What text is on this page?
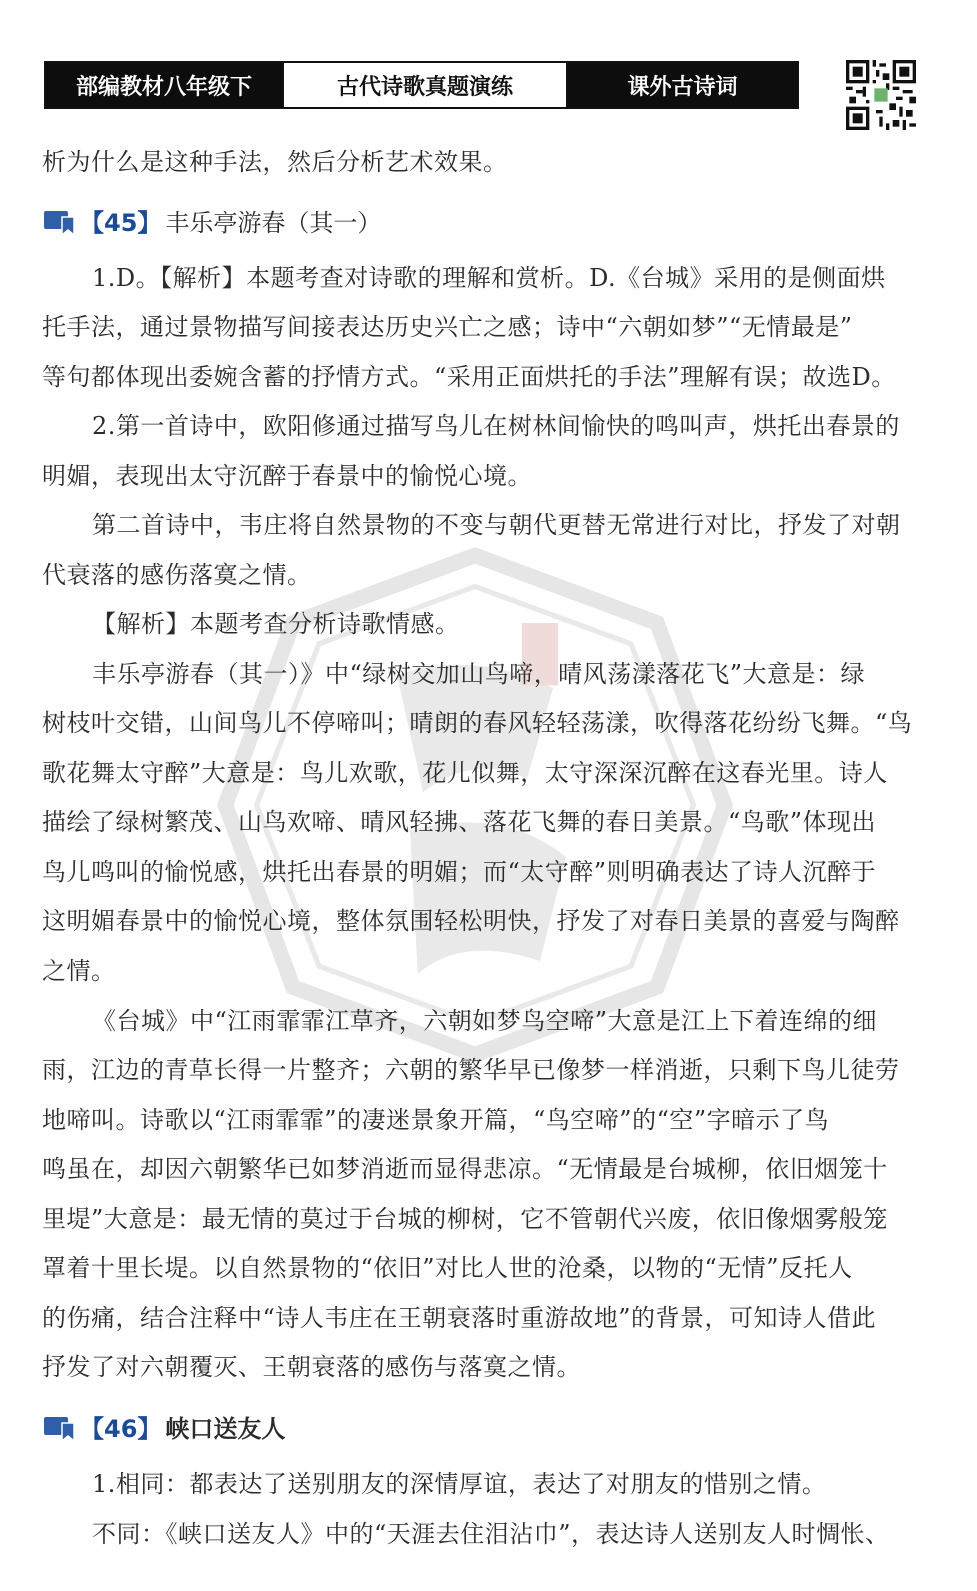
部编教材八年级下	古代诗歌真题演练	课外古诗词
析为什么是这种手法，然后分析艺术效果。
【45】 丰乐亭游春（其一）
1.D。【解析】本题考查对诗歌的理解和赏析。D.《台城》采用的是侧面烘
托手法，通过景物描写间接表达历史兴亡之感；诗中“六朝如梦”“无情最是”
等句都体现出委婉含蓄的抒情方式。“采用正面烘托的手法”理解有误；故选D。
2.第一首诗中，欧阳修通过描写鸟儿在树林间愉快的鸣叫声，烘托出春景的
明媚，表现出太守沉醉于春景中的愉悦心境。
第二首诗中，韦庄将自然景物的不变与朝代更替无常进行对比，抒发了对朝
代衰落的感伤落寞之情。
【解析】本题考查分析诗歌情感。
丰乐亭游春（其一）》中“绿树交加山鸟啼，晴风荡漾落花飞”大意是：绿
树枝叶交错，山间鸟儿不停啼叫；晴朗的春风轻轻荡漾，吹得落花纷纷飞舞。“鸟
歌花舞太守醉”大意是：鸟儿欢歌，花儿似舞，太守深深沉醉在这春光里。诗人
描绘了绿树繁茂、山鸟欢啼、晴风轻拂、落花飞舞的春日美景。“鸟歌”体现出
鸟儿鸣叫的愉悦感，烘托出春景的明媚；而“太守醉”则明确表达了诗人沉醉于
这明媚春景中的愉悦心境，整体氛围轻松明快，抒发了对春日美景的喜爱与陶醉
之情。
《台城》中“江雨霏霏江草齐，六朝如梦鸟空啼”大意是江上下着连绵的细
雨，江边的青草长得一片整齐；六朝的繁华早已像梦一样消逝，只剩下鸟儿徒劳
地啼叫。诗歌以“江雨霏霏”的凄迷景象开篇，“鸟空啼”的“空”字暗示了鸟
鸣虽在，却因六朝繁华已如梦消逝而显得悲凉。“无情最是台城柳，依旧烟笼十
里堤”大意是：最无情的莫过于台城的柳树，它不管朝代兴废，依旧像烟雾般笼
罩着十里长堤。以自然景物的“依旧”对比人世的沧桑，以物的“无情”反托人
的伤痛，结合注释中“诗人韦庄在王朝衰落时重游故地”的背景，可知诗人借此
抒发了对六朝覆灭、王朝衰落的感伤与落寞之情。
【46】 峡口送友人
1.相同：都表达了送别朋友的深情厚谊，表达了对朋友的惜别之情。
不同：《峡口送友人》中的“天涯去住泪沾巾”，表达诗人送别友人时惆怅、
